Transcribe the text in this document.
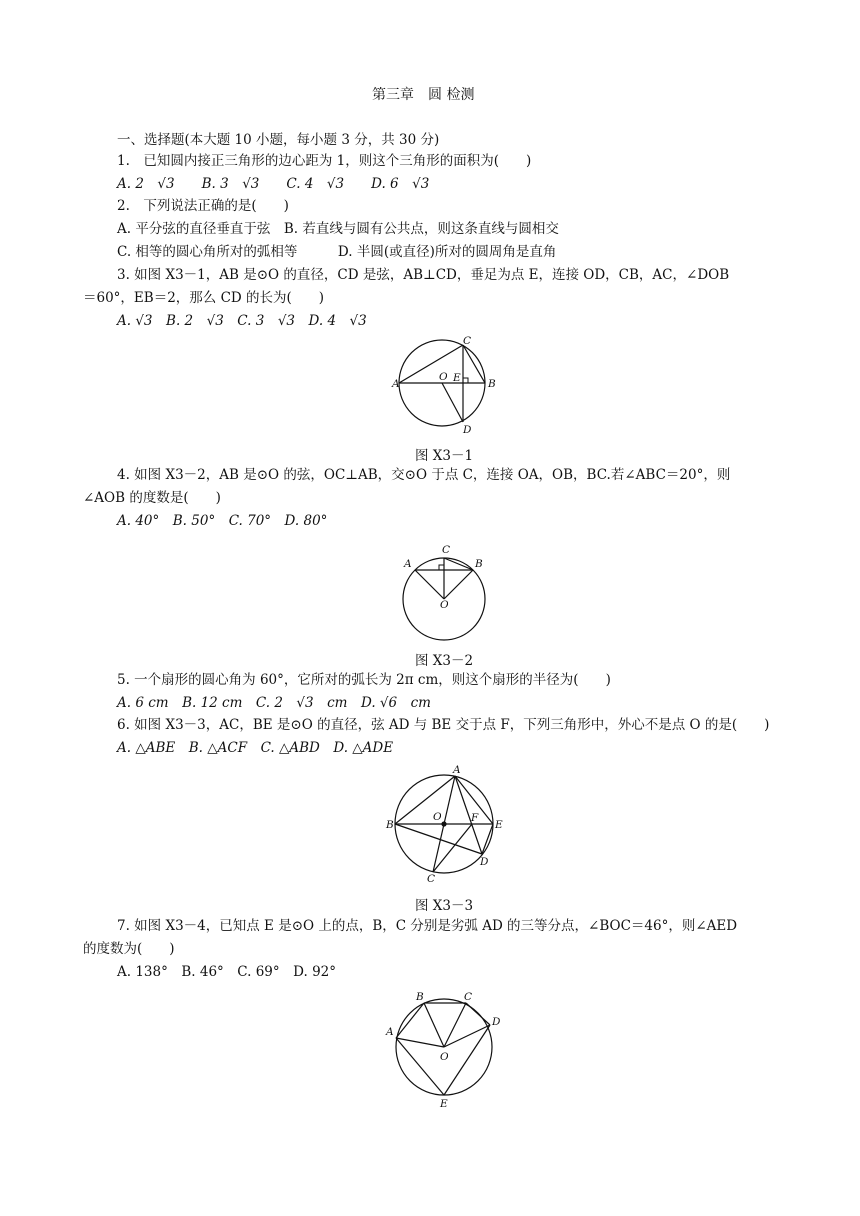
第三章　圆 检测
一、选择题(本大题 10 小题，每小题 3 分，共 30 分)
1.　已知圆内接正三角形的边心距为 1，则这个三角形的面积为(　　)
A. 2　√3　　B. 3　√3　　C. 4　√3　　D. 6　√3
2.　下列说法正确的是(　　)
A. 平分弦的直径垂直于弦　B. 若直线与圆有公共点，则这条直线与圆相交
C. 相等的圆心角所对的弧相等　　　D. 半圆(或直径)所对的圆周角是直角
3. 如图 X3－1，AB 是⊙O 的直径，CD 是弦，AB⊥CD，垂足为点 E，连接 OD，CB，AC，∠DOB
＝60°，EB＝2，那么 CD 的长为(　　)
A. √3　B. 2　√3　C. 3　√3　D. 4　√3
A	B
C
D
O E
图 X3－1
4. 如图 X3－2，AB 是⊙O 的弦，OC⊥AB，交⊙O 于点 C，连接 OA，OB，BC.若∠ABC＝20°，则
∠AOB 的度数是(　　)
A. 40°　B. 50°　C. 70°　D. 80°
A	B
C
O
图 X3－2
5. 一个扇形的圆心角为 60°，它所对的弧长为 2π cm，则这个扇形的半径为(　　)
A. 6 cm　B. 12 cm　C. 2　√3　cm　D. √6　cm
6. 如图 X3－3，AC，BE 是⊙O 的直径，弦 AD 与 BE 交于点 F，下列三角形中，外心不是点 O 的是(　　)
A. △ABE　B. △ACF　C. △ABD　D. △ADE
A
B
C
D
E
F
O
图 X3－3
7. 如图 X3－4，已知点 E 是⊙O 上的点，B，C 分别是劣弧 AD 的三等分点，∠BOC＝46°，则∠AED
的度数为(　　)
A. 138°　B. 46°　C. 69°　D. 92°
A
B	C
D
E
O
